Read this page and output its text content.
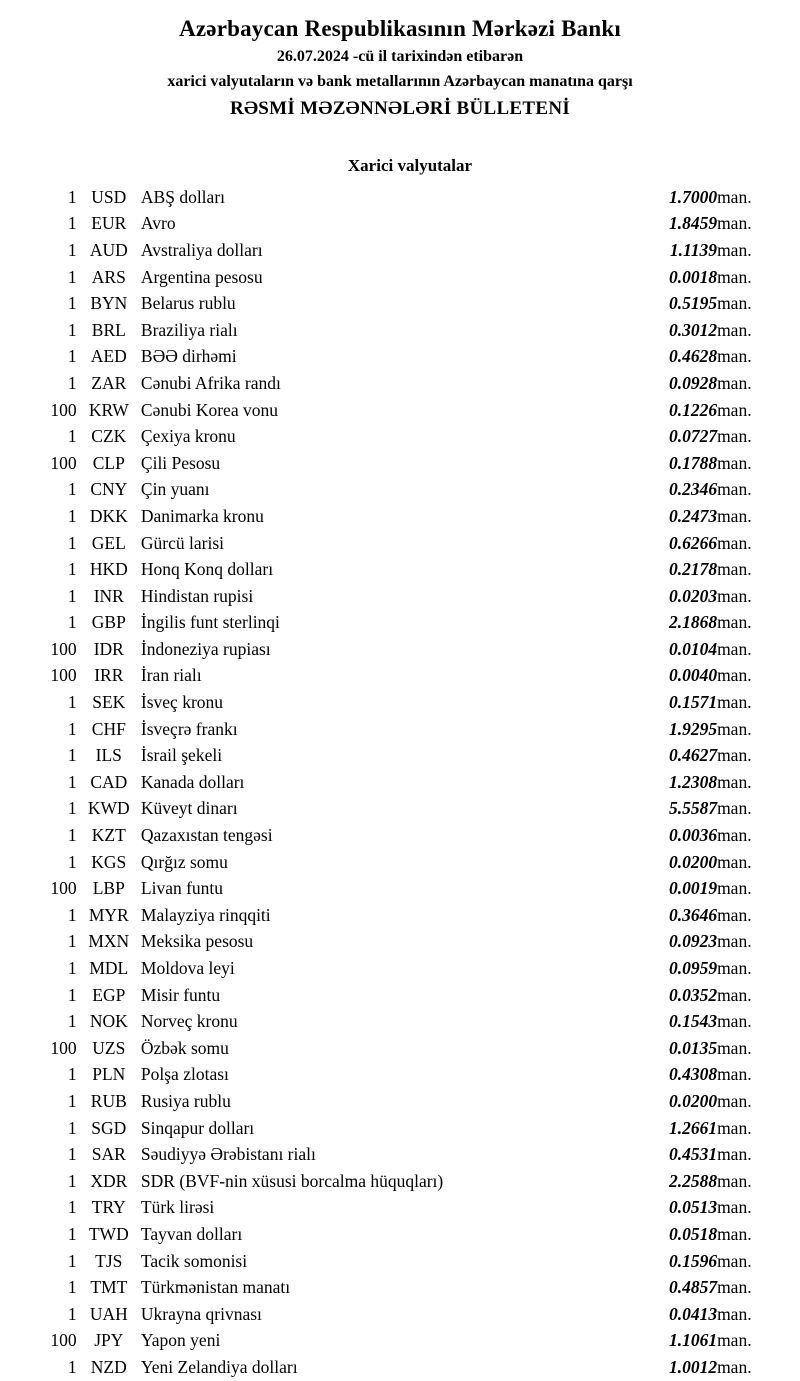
Azərbaycan Respublikasının Mərkəzi Bankı
26.07.2024 -cü il tarixindən etibarən
xarici valyutaların və bank metallarının Azərbaycan manatına qarşı
RƏSMİ MƏZƏNNƏLƏRİ BÜLLETENİ
Xarici valyutalar
1	USD	ABŞ dolları	1.7000	man.
1	EUR	Avro	1.8459	man.
1	AUD	Avstraliya dolları	1.1139	man.
1	ARS	Argentina pesosu	0.0018	man.
1	BYN	Belarus rublu	0.5195	man.
1	BRL	Braziliya rialı	0.3012	man.
1	AED	BƏƏ dirhəmi	0.4628	man.
1	ZAR	Cənubi Afrika randı	0.0928	man.
100	KRW	Cənubi Korea vonu	0.1226	man.
1	CZK	Çexiya kronu	0.0727	man.
100	CLP	Çili Pesosu	0.1788	man.
1	CNY	Çin yuanı	0.2346	man.
1	DKK	Danimarka kronu	0.2473	man.
1	GEL	Gürcü larisi	0.6266	man.
1	HKD	Honq Konq dolları	0.2178	man.
1	INR	Hindistan rupisi	0.0203	man.
1	GBP	İngilis funt sterlinqi	2.1868	man.
100	IDR	İndoneziya rupiası	0.0104	man.
100	IRR	İran rialı	0.0040	man.
1	SEK	İsveç kronu	0.1571	man.
1	CHF	İsveçrə frankı	1.9295	man.
1	ILS	İsrail şekeli	0.4627	man.
1	CAD	Kanada dolları	1.2308	man.
1	KWD	Küveyt dinarı	5.5587	man.
1	KZT	Qazaxıstan tengəsi	0.0036	man.
1	KGS	Qırğız somu	0.0200	man.
100	LBP	Livan funtu	0.0019	man.
1	MYR	Malayziya rinqqiti	0.3646	man.
1	MXN	Meksika pesosu	0.0923	man.
1	MDL	Moldova leyi	0.0959	man.
1	EGP	Misir funtu	0.0352	man.
1	NOK	Norveç kronu	0.1543	man.
100	UZS	Özbək somu	0.0135	man.
1	PLN	Polşa zlotası	0.4308	man.
1	RUB	Rusiya rublu	0.0200	man.
1	SGD	Sinqapur dolları	1.2661	man.
1	SAR	Səudiyyə Ərəbistanı rialı	0.4531	man.
1	XDR	SDR (BVF-nin xüsusi borcalma hüquqları)	2.2588	man.
1	TRY	Türk lirəsi	0.0513	man.
1	TWD	Tayvan dolları	0.0518	man.
1	TJS	Tacik somonisi	0.1596	man.
1	TMT	Türkmənistan manatı	0.4857	man.
1	UAH	Ukrayna qrivnası	0.0413	man.
100	JPY	Yapon yeni	1.1061	man.
1	NZD	Yeni Zelandiya dolları	1.0012	man.
